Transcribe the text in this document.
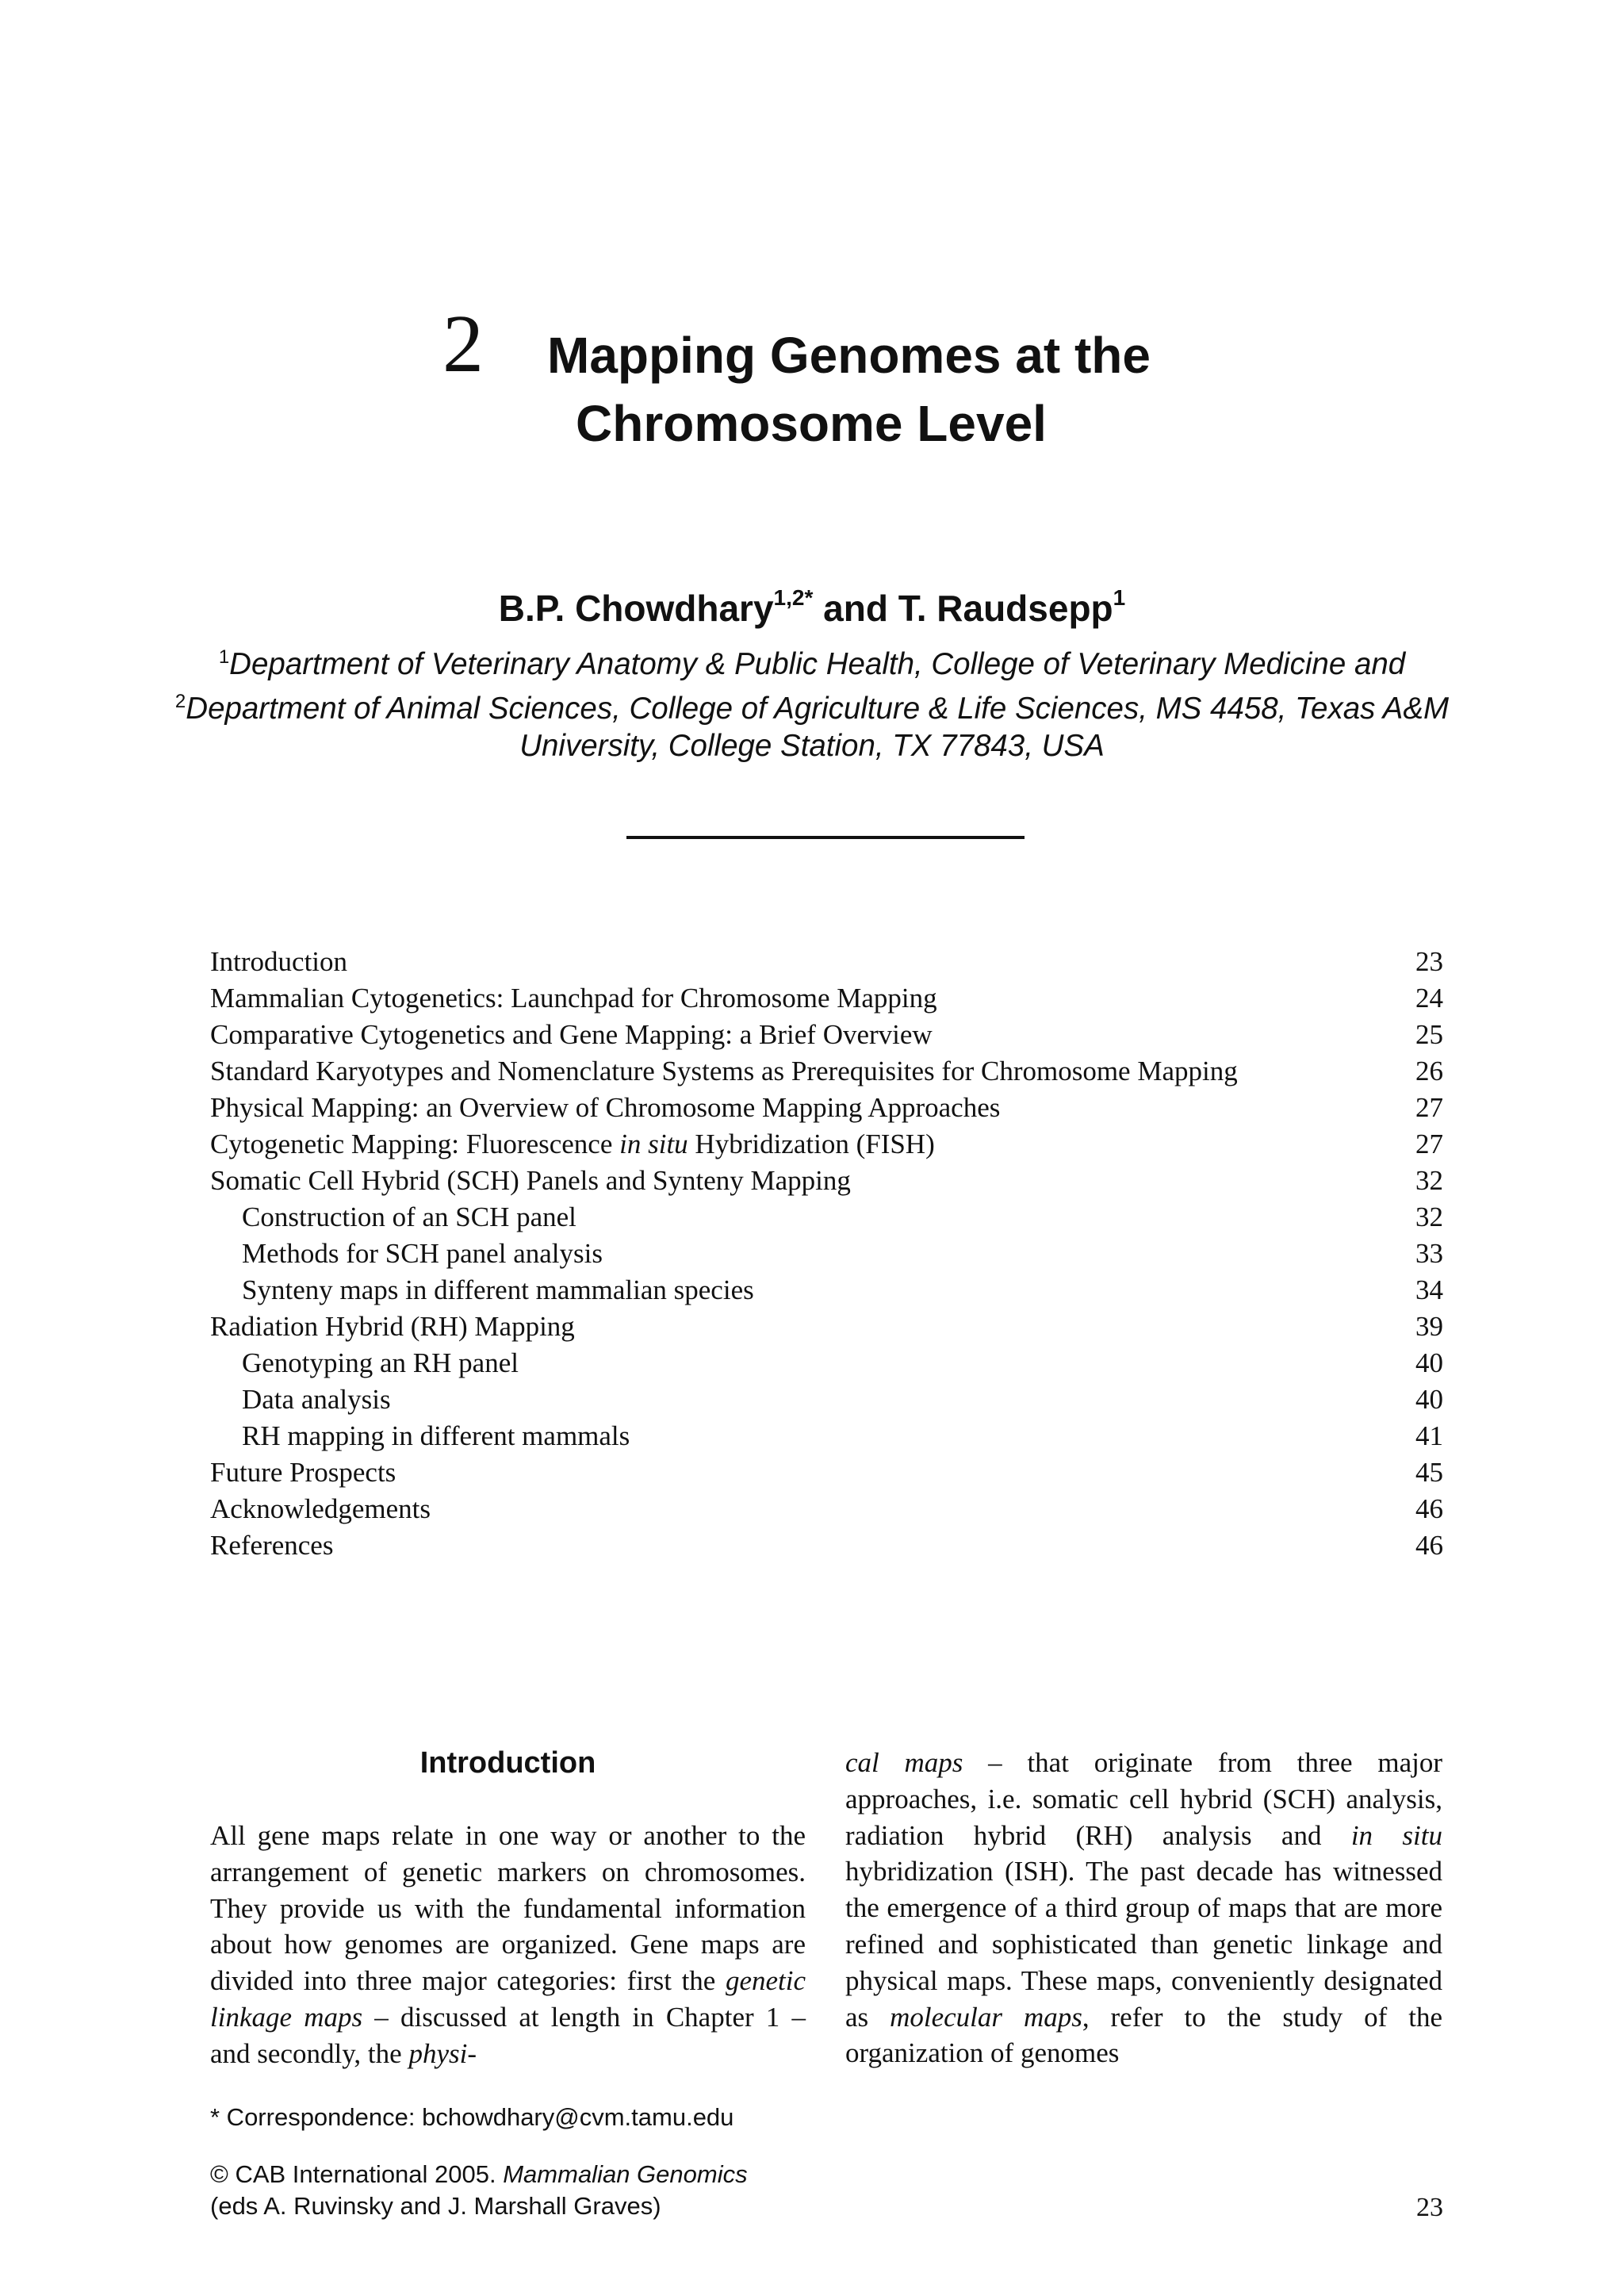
2 Mapping Genomes at the
Chromosome Level
B.P. Chowdhary$^{1,2*}$ and T. Raudsepp$^1$
$^1$Department of Veterinary Anatomy & Public Health, College of Veterinary Medicine and $^2$Department of Animal Sciences, College of Agriculture & Life Sciences, MS 4458, Texas A&M University, College Station, TX 77843, USA
Introduction	23
Mammalian Cytogenetics: Launchpad for Chromosome Mapping	24
Comparative Cytogenetics and Gene Mapping: a Brief Overview	25
Standard Karyotypes and Nomenclature Systems as Prerequisites for Chromosome Mapping	26
Physical Mapping: an Overview of Chromosome Mapping Approaches	27
Cytogenetic Mapping: Fluorescence in situ Hybridization (FISH)	27
Somatic Cell Hybrid (SCH) Panels and Synteny Mapping	32
Construction of an SCH panel	32
Methods for SCH panel analysis	33
Synteny maps in different mammalian species	34
Radiation Hybrid (RH) Mapping	39
Genotyping an RH panel	40
Data analysis	40
RH mapping in different mammals	41
Future Prospects	45
Acknowledgements	46
References	46
Introduction

All gene maps relate in one way or another to the arrangement of genetic markers on chromosomes. They provide us with the fundamental information about how genomes are organized. Gene maps are divided into three major categories: first the genetic linkage maps – discussed at length in Chapter 1 – and secondly, the physi-

cal maps – that originate from three major approaches, i.e. somatic cell hybrid (SCH) analysis, radiation hybrid (RH) analysis and in situ hybridization (ISH). The past decade has witnessed the emergence of a third group of maps that are more refined and sophisticated than genetic linkage and physical maps. These maps, conveniently designated as molecular maps, refer to the study of the organization of genomes

* Correspondence: bchowdhary@cvm.tamu.edu
© CAB International 2005. Mammalian Genomics
(eds A. Ruvinsky and J. Marshall Graves)	23
